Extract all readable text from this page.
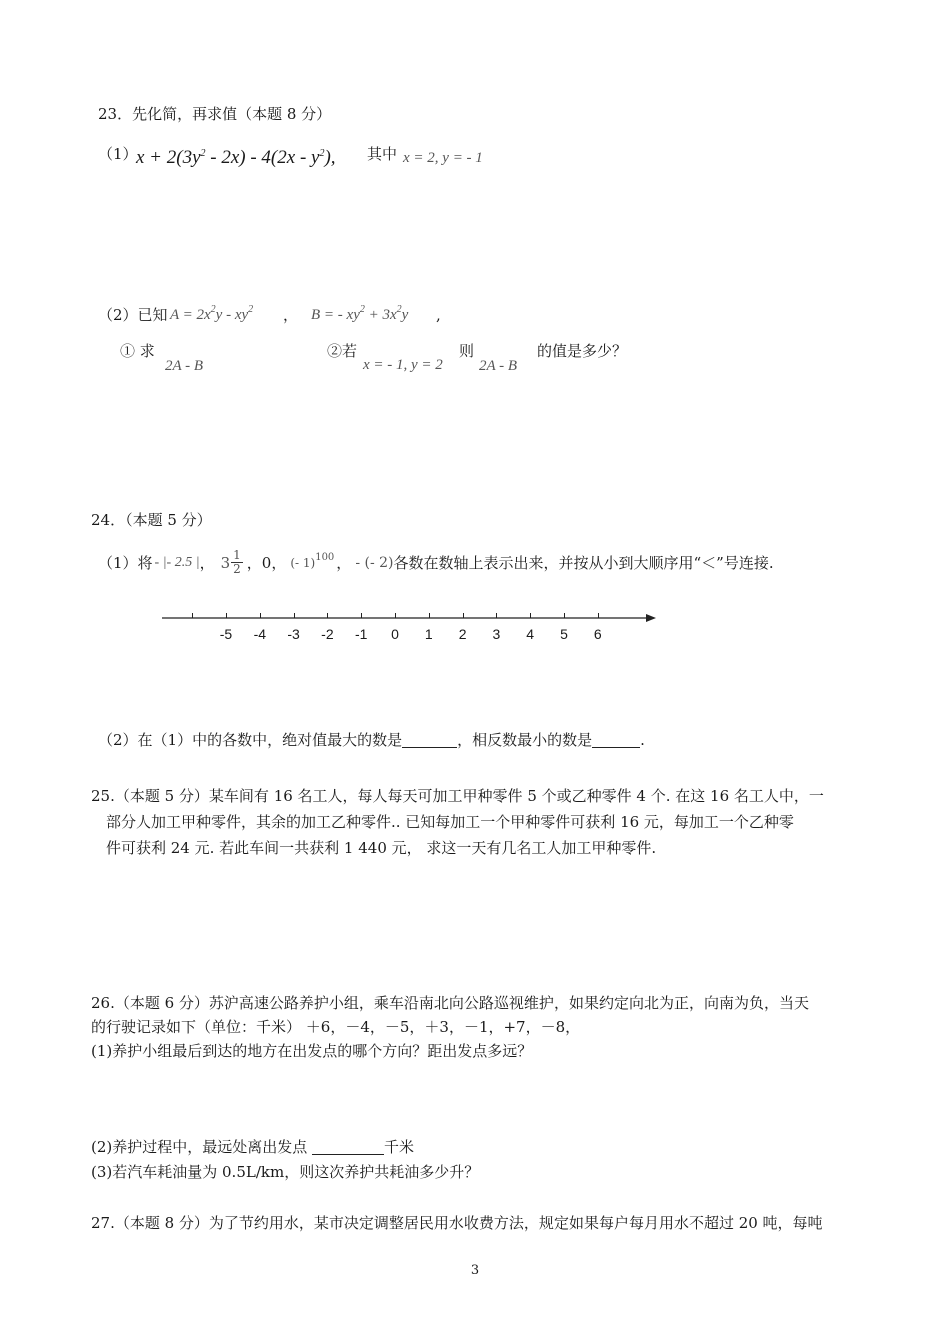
23．先化简，再求值（本题 8 分）
（1）
$x + 2(3y^2 - 2x) - 4(2x - y^2)$, 其中 x = 2, y = - 1
（2）已知 $A = 2x^2y - xy^2$ ， B = - $xy^2 + 3x^2y$ ,
① 求
2A - B
②若
x = - 1, y = 2
则
2A - B
的值是多少？
24．（本题 5 分）
（1）将 - |- 2.5 | ， $3 \frac{1}{2}$ ，0， (- 1)$^{100}$ ， - (- 2) 各数在数轴上表示出来，并按从小到大顺序用“＜”号连接.
-5	-4	-3	-2	-1	0	1	2	3	4	5	6
（2）在（1）中的各数中，绝对值最大的数是	，相反数最小的数是	.
25.（本题 5 分）某车间有 16 名工人，每人每天可加工甲种零件 5 个或乙种零件 4 个. 在这 16 名工人中，一
部分人加工甲种零件，其余的加工乙种零件.. 已知每加工一个甲种零件可获利 16 元，每加工一个乙种零
件可获利 24 元. 若此车间一共获利 1 440 元， 求这一天有几名工人加工甲种零件.
26.（本题 6 分）苏沪高速公路养护小组，乘车沿南北向公路巡视维护，如果约定向北为正，向南为负，当天
的行驶记录如下（单位：千米） ＋6，－4，－5，＋3，－1，+7，－8，
(1)养护小组最后到达的地方在出发点的哪个方向？距出发点多远？
(2)养护过程中，最远处离出发点	千米
(3)若汽车耗油量为 0.5L/km，则这次养护共耗油多少升？
27.（本题 8 分）为了节约用水，某市决定调整居民用水收费方法，规定如果每户每月用水不超过 20 吨，每吨
3
